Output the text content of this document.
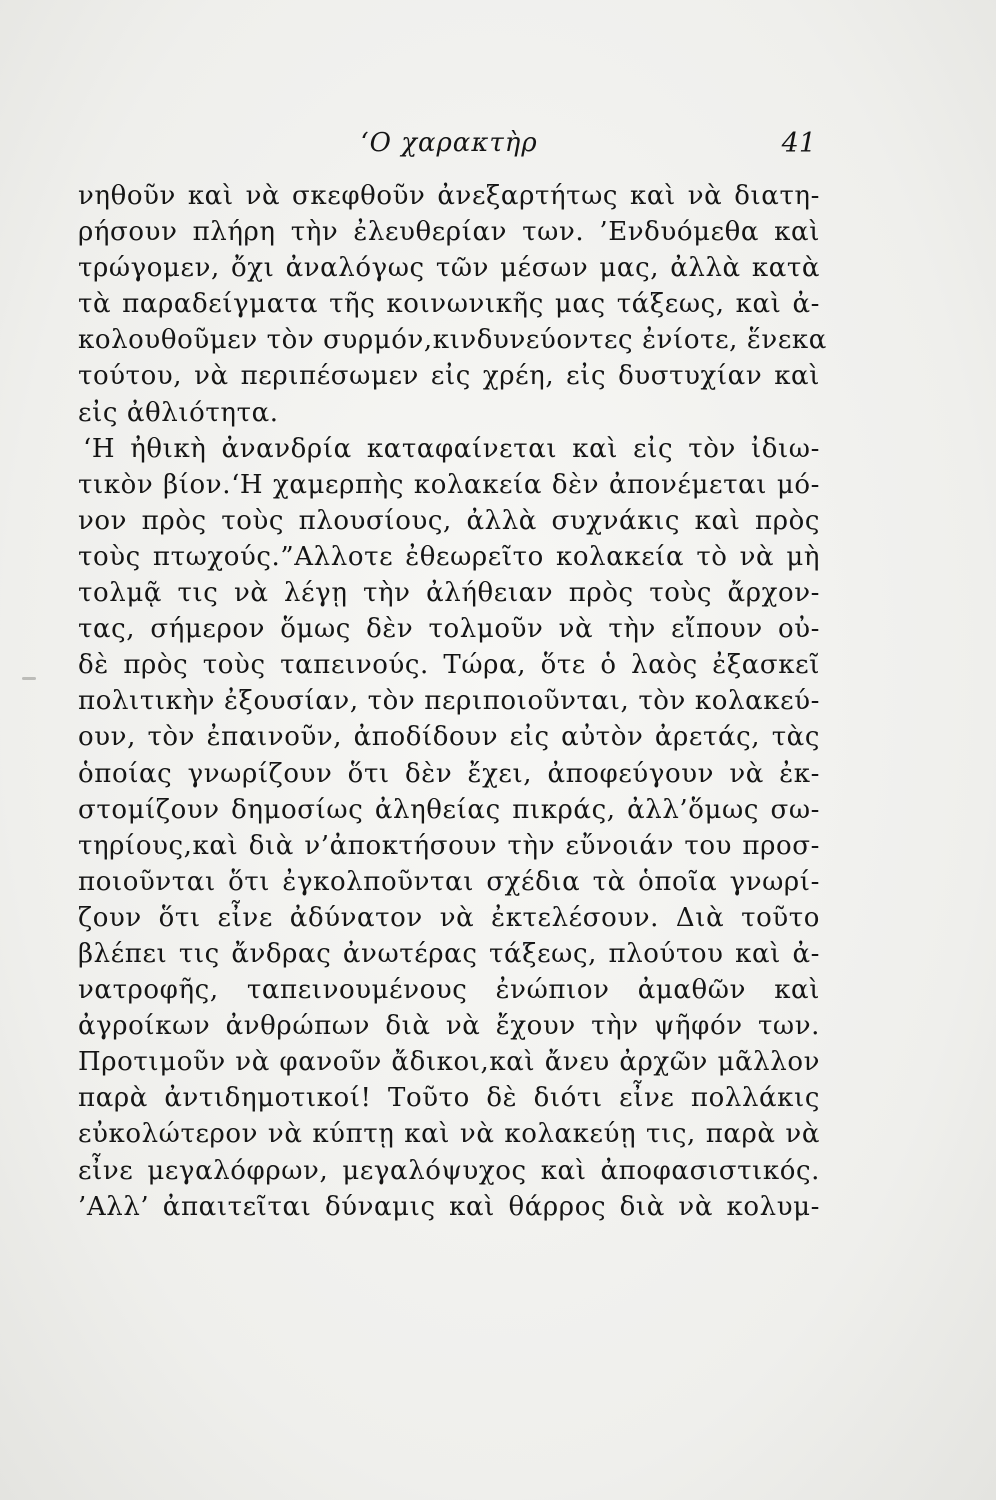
‘Ο χαρακτὴρ	41
νηθοῦν καὶ νὰ σκεφθοῦν ἀνεξαρτήτως καὶ νὰ διατη-
ρήσουν πλήρη τὴν ἐλευθερίαν των. ’Ενδυόμεθα καὶ
τρώγομεν, ὄχι ἀναλόγως τῶν μέσων μας, ἀλλὰ κατὰ
τὰ παραδείγματα τῆς κοινωνικῆς μας τάξεως, καὶ ἀ-
κολουθοῦμεν τὸν συρμόν,κινδυνεύοντες ἐνίοτε, ἕνεκα
τούτου, νὰ περιπέσωμεν εἰς χρέη, εἰς δυστυχίαν καὶ
εἰς ἀθλιότητα.
‘Η ἠθικὴ ἀνανδρία καταφαίνεται καὶ εἰς τὸν ἰδιω-
τικὸν βίον.‘Η χαμερπὴς κολακεία δὲν ἀπονέμεται μό-
νον πρὸς τοὺς πλουσίους, ἀλλὰ συχνάκις καὶ πρὸς
τοὺς πτωχούς.”Αλλοτε ἐθεωρεῖτο κολακεία τὸ νὰ μὴ
τολμᾷ τις νὰ λέγῃ τὴν ἀλήθειαν πρὸς τοὺς ἄρχον-
τας, σήμερον ὅμως δὲν τολμοῦν νὰ τὴν εἴπουν οὐ-
δὲ πρὸς τοὺς ταπεινούς. Τώρα, ὅτε ὁ λαὸς ἐξασκεῖ
πολιτικὴν ἐξουσίαν, τὸν περιποιοῦνται, τὸν κολακεύ-
ουν, τὸν ἐπαινοῦν, ἀποδίδουν εἰς αὐτὸν ἀρετάς, τὰς
ὁποίας γνωρίζουν ὅτι δὲν ἔχει, ἀποφεύγουν νὰ ἐκ-
στομίζουν δημοσίως ἀληθείας πικράς, ἀλλ’ὅμως σω-
τηρίους,καὶ διὰ ν’ἀποκτήσουν τὴν εὔνοιάν του προσ-
ποιοῦνται ὅτι ἐγκολποῦνται σχέδια τὰ ὁποῖα γνωρί-
ζουν ὅτι εἶνε ἀδύνατον νὰ ἐκτελέσουν. Διὰ τοῦτο
βλέπει τις ἄνδρας ἀνωτέρας τάξεως, πλούτου καὶ ἀ-
νατροφῆς, ταπεινουμένους ἐνώπιον ἀμαθῶν καὶ
ἀγροίκων ἀνθρώπων διὰ νὰ ἔχουν τὴν ψῆφόν των.
Προτιμοῦν νὰ φανοῦν ἄδικοι,καὶ ἄνευ ἀρχῶν μᾶλλον
παρὰ ἀντιδημοτικοί! Τοῦτο δὲ διότι εἶνε πολλάκις
εὐκολώτερον νὰ κύπτῃ καὶ νὰ κολακεύῃ τις, παρὰ νὰ
εἶνε μεγαλόφρων, μεγαλόψυχος καὶ ἀποφασιστικός.
’Αλλ’ ἀπαιτεῖται δύναμις καὶ θάρρος διὰ νὰ κολυμ-
